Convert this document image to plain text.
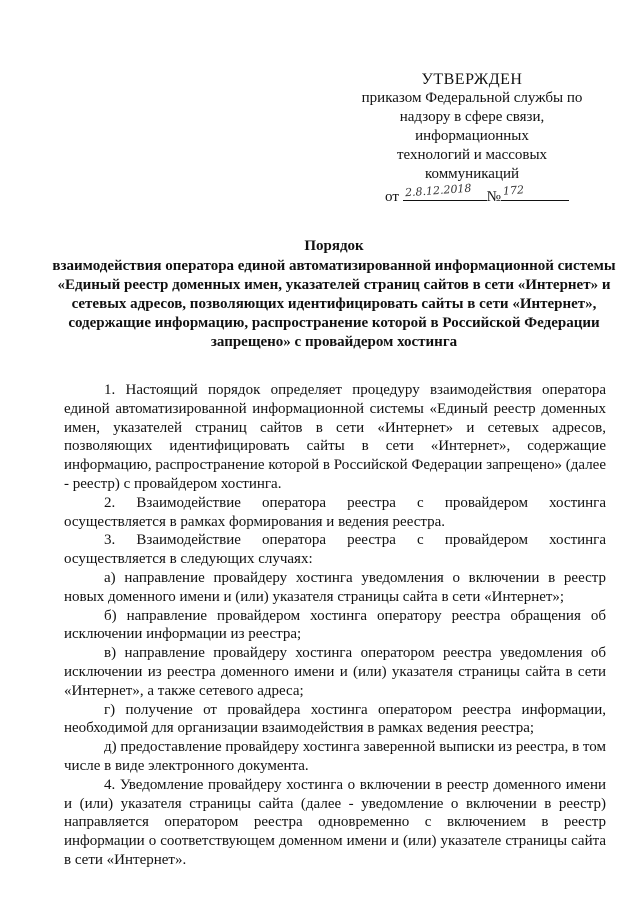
УТВЕРЖДЕН
приказом Федеральной службы по
надзору в сфере связи, информационных
технологий и массовых коммуникаций
от
2.8.12.2018 № 172
Порядок
взаимодействия оператора единой автоматизированной информационной системы «Единый реестр доменных имен, указателей страниц сайтов в сети «Интернет» и сетевых адресов, позволяющих идентифицировать сайты в сети «Интернет», содержащие информацию, распространение которой в Российской Федерации запрещено» с провайдером хостинга

1. Настоящий порядок определяет процедуру взаимодействия оператора единой автоматизированной информационной системы «Единый реестр доменных имен, указателей страниц сайтов в сети «Интернет» и сетевых адресов, позволяющих идентифицировать сайты в сети «Интернет», содержащие информацию, распространение которой в Российской Федерации запрещено» (далее - реестр) с провайдером хостинга.

2. Взаимодействие оператора реестра с провайдером хостинга осуществляется в рамках формирования и ведения реестра.

3. Взаимодействие оператора реестра с провайдером хостинга осуществляется в следующих случаях:

а) направление провайдеру хостинга уведомления о включении в реестр новых доменного имени и (или) указателя страницы сайта в сети «Интернет»;

б) направление провайдером хостинга оператору реестра обращения об исключении информации из реестра;

в) направление провайдеру хостинга оператором реестра уведомления об исключении из реестра доменного имени и (или) указателя страницы сайта в сети «Интернет», а также сетевого адреса;

г) получение от провайдера хостинга оператором реестра информации, необходимой для организации взаимодействия в рамках ведения реестра;

д) предоставление провайдеру хостинга заверенной выписки из реестра, в том числе в виде электронного документа.

4. Уведомление провайдеру хостинга о включении в реестр доменного имени и (или) указателя страницы сайта (далее - уведомление о включении в реестр) направляется оператором реестра одновременно с включением в реестр информации о соответствующем доменном имени и (или) указателе страницы сайта в сети «Интернет».
